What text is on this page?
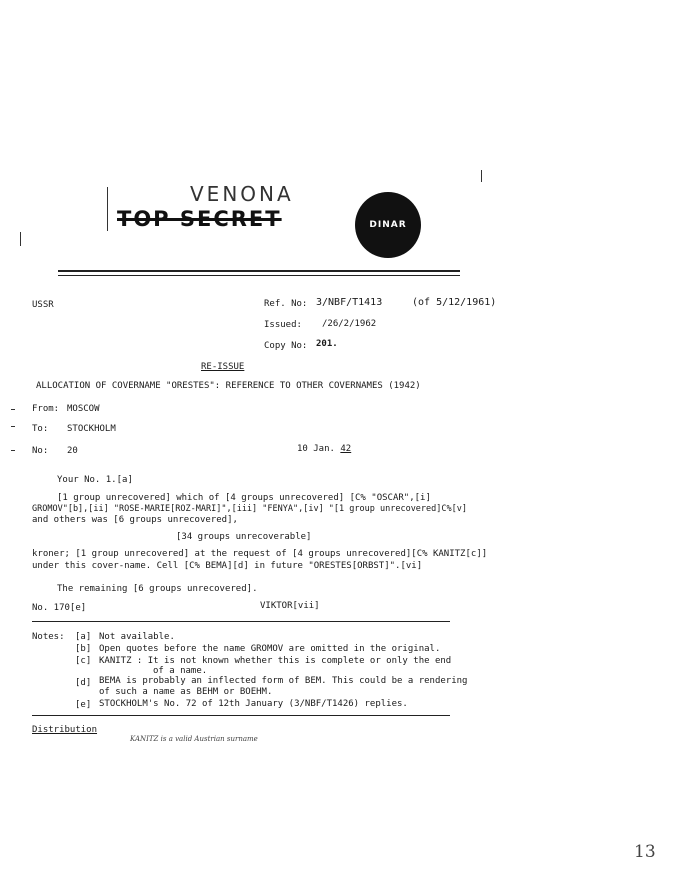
VENONA
TOP SECRET	DINAR
USSR	Ref. No: 3/NBF/T1413	(of 5/12/1961)
Issued: /26/2/1962
Copy No: 201.
RE-ISSUE
ALLOCATION OF COVERNAME "ORESTES": REFERENCE TO OTHER COVERNAMES (1942)
From: MOSCOW
To: STOCKHOLM
No: 20	10 Jan. 42
Your No. 1.[a]
[1 group unrecovered] which of [4 groups unrecovered] [C% "OSCAR",[i]
GROMOV"[b],[ii] "ROSE-MARIE[ROZ-MARI]",[iii] "FENYA",[iv] "[1 group unrecovered]C%[v]
and others was [6 groups unrecovered],
[34 groups unrecoverable]
kroner; [1 group unrecovered] at the request of [4 groups unrecovered][C% KANITZ[c]]
under this cover-name. Cell [C% BEMA][d] in future "ORESTES[ORBST]".[vi]
The remaining [6 groups unrecovered].
No. 170[e]	VIKTOR[vii]
Notes: [a] Not available.
[b] Open quotes before the name GROMOV are omitted in the original.
[c] KANITZ : It is not known whether this is complete or only the end
of a name.
[d] BEMA is probably an inflected form of BEM. This could be a rendering
of such a name as BEHM or BOEHM.
[e] STOCKHOLM's No. 72 of 12th January (3/NBF/T1426) replies.
Distribution
KANITZ is a valid Austrian surname
13
